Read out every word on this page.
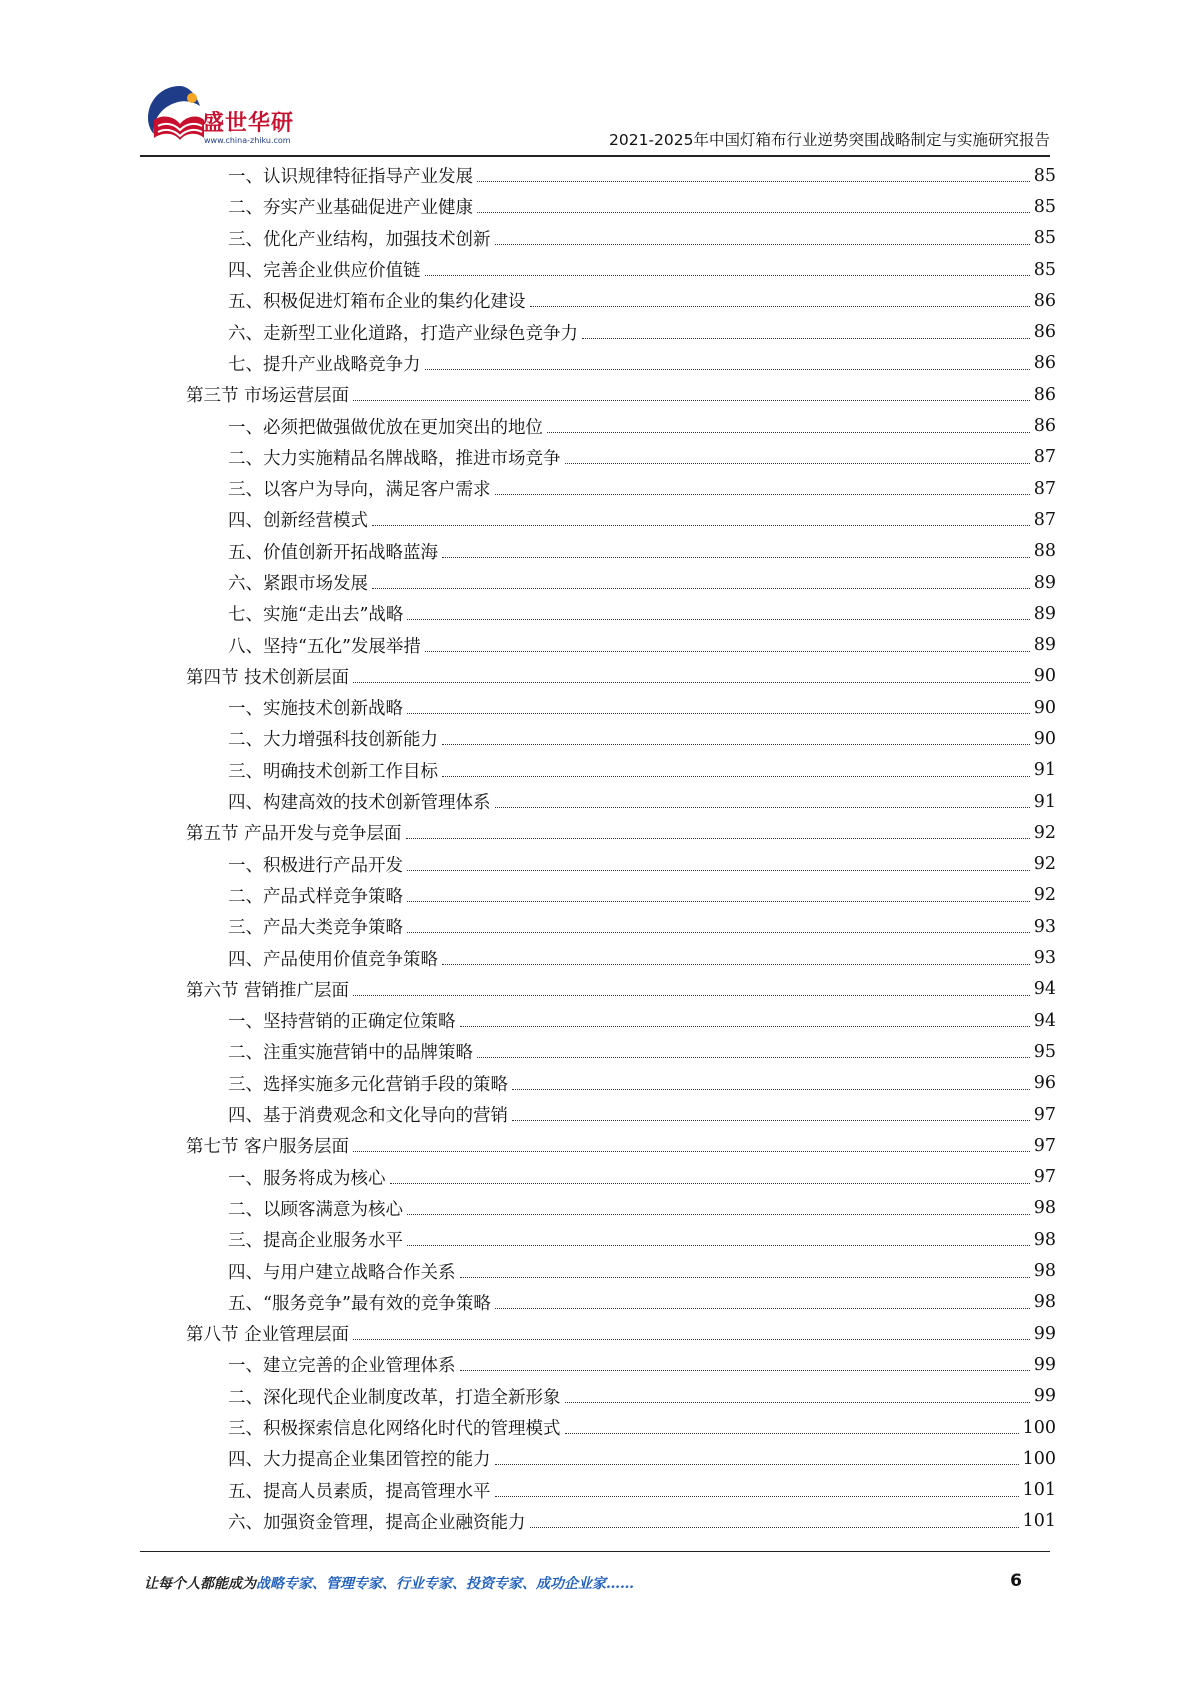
盛世华研
www.china-zhiku.com	2021-2025年中国灯箱布行业逆势突围战略制定与实施研究报告
一、认识规律特征指导产业发展	85
二、夯实产业基础促进产业健康	85
三、优化产业结构，加强技术创新	85
四、完善企业供应价值链	85
五、积极促进灯箱布企业的集约化建设	86
六、走新型工业化道路，打造产业绿色竞争力	86
七、提升产业战略竞争力	86
第三节 市场运营层面	86
一、必须把做强做优放在更加突出的地位	86
二、大力实施精品名牌战略，推进市场竞争	87
三、以客户为导向，满足客户需求	87
四、创新经营模式	87
五、价值创新开拓战略蓝海	88
六、紧跟市场发展	89
七、实施“走出去”战略	89
八、坚持“五化”发展举措	89
第四节 技术创新层面	90
一、实施技术创新战略	90
二、大力增强科技创新能力	90
三、明确技术创新工作目标	91
四、构建高效的技术创新管理体系	91
第五节 产品开发与竞争层面	92
一、积极进行产品开发	92
二、产品式样竞争策略	92
三、产品大类竞争策略	93
四、产品使用价值竞争策略	93
第六节 营销推广层面	94
一、坚持营销的正确定位策略	94
二、注重实施营销中的品牌策略	95
三、选择实施多元化营销手段的策略	96
四、基于消费观念和文化导向的营销	97
第七节 客户服务层面	97
一、服务将成为核心	97
二、以顾客满意为核心	98
三、提高企业服务水平	98
四、与用户建立战略合作关系	98
五、“服务竞争”最有效的竞争策略	98
第八节 企业管理层面	99
一、建立完善的企业管理体系	99
二、深化现代企业制度改革，打造全新形象	99
三、积极探索信息化网络化时代的管理模式	100
四、大力提高企业集团管控的能力	100
五、提高人员素质，提高管理水平	101
六、加强资金管理，提高企业融资能力	101
让每个人都能成为战略专家、管理专家、行业专家、投资专家、成功企业家……	6
